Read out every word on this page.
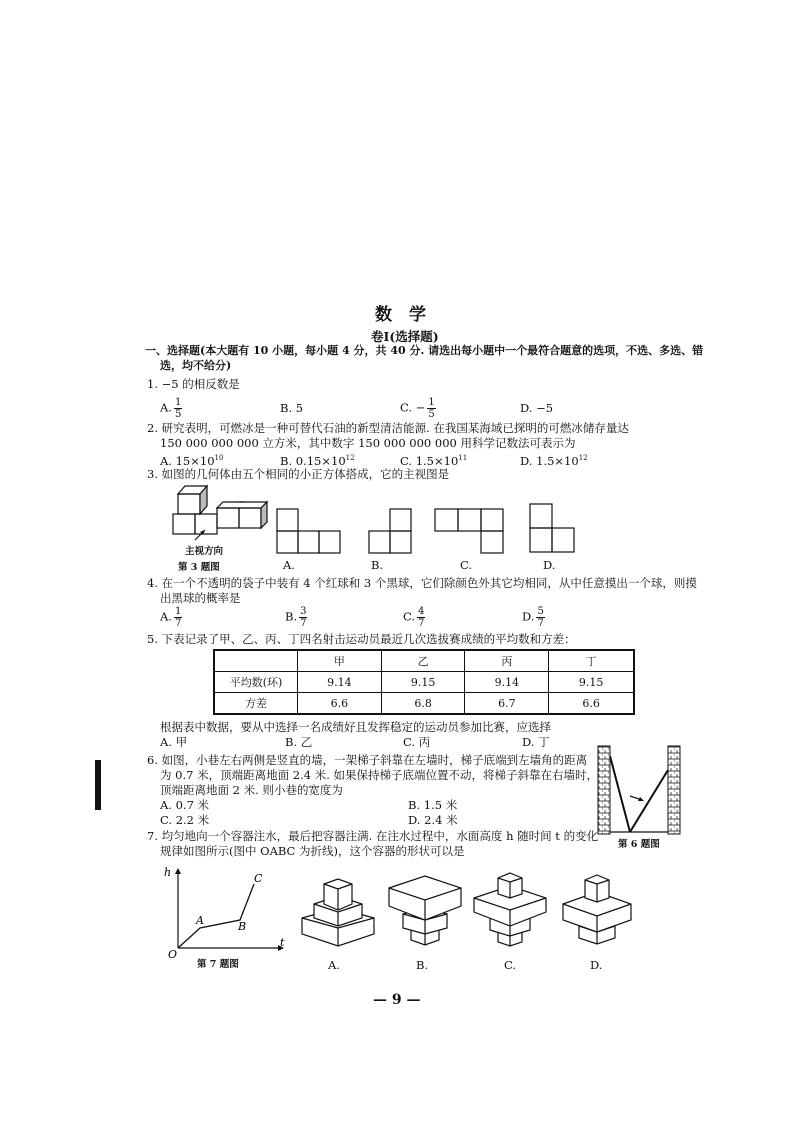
数　学
卷Ⅰ(选择题)
一、选择题(本大题有 10 小题，每小题 4 分，共 40 分. 请选出每小题中一个最符合题意的选项，不选、多选、错
选，均不给分)
1. −5 的相反数是
A. $\frac{1}{5}$	B. 5	C. − $\frac{1}{5}$	D. −5
2. 研究表明，可燃冰是一种可替代石油的新型清洁能源. 在我国某海域已探明的可燃冰储存量达
150 000 000 000 立方米，其中数字 150 000 000 000 用科学记数法可表示为
A. $15\times 10^{10}$	B. $0.15\times 10^{12}$	C. $1.5\times 10^{11}$	D. $1.5\times 10^{12}$
3. 如图的几何体由五个相同的小正方体搭成，它的主视图是
主视方向
第 3 题图	A.	B.	C.	D.
4. 在一个不透明的袋子中装有 4 个红球和 3 个黑球，它们除颜色外其它均相同，从中任意摸出一个球，则摸
出黑球的概率是
A. $\frac{1}{7}$	B. $\frac{3}{7}$	C. $\frac{4}{7}$	D. $\frac{5}{7}$
5. 下表记录了甲、乙、丙、丁四名射击运动员最近几次选拔赛成绩的平均数和方差：
	甲	乙	丙	丁
平均数(环)	9.14	9.15	9.14	9.15
方差	6.6	6.8	6.7	6.6
根据表中数据，要从中选择一名成绩好且发挥稳定的运动员参加比赛，应选择
A. 甲	B. 乙	C. 丙	D. 丁
6. 如图，小巷左右两侧是竖直的墙，一架梯子斜靠在左墙时，梯子底端到左墙角的距离
为 0.7 米，顶端距离地面 2.4 米. 如果保持梯子底端位置不动，将梯子斜靠在右墙时，
顶端距离地面 2 米. 则小巷的宽度为
A. 0.7 米	B. 1.5 米
C. 2.2 米	D. 2.4 米
第 6 题图
7. 均匀地向一个容器注水，最后把容器注满. 在注水过程中，水面高度 h 随时间 t 的变化
规律如图所示(图中 OABC 为折线)，这个容器的形状可以是
h
t
O
A	B
C
第 7 题图	A.	B.	C.	D.
— 9 —
